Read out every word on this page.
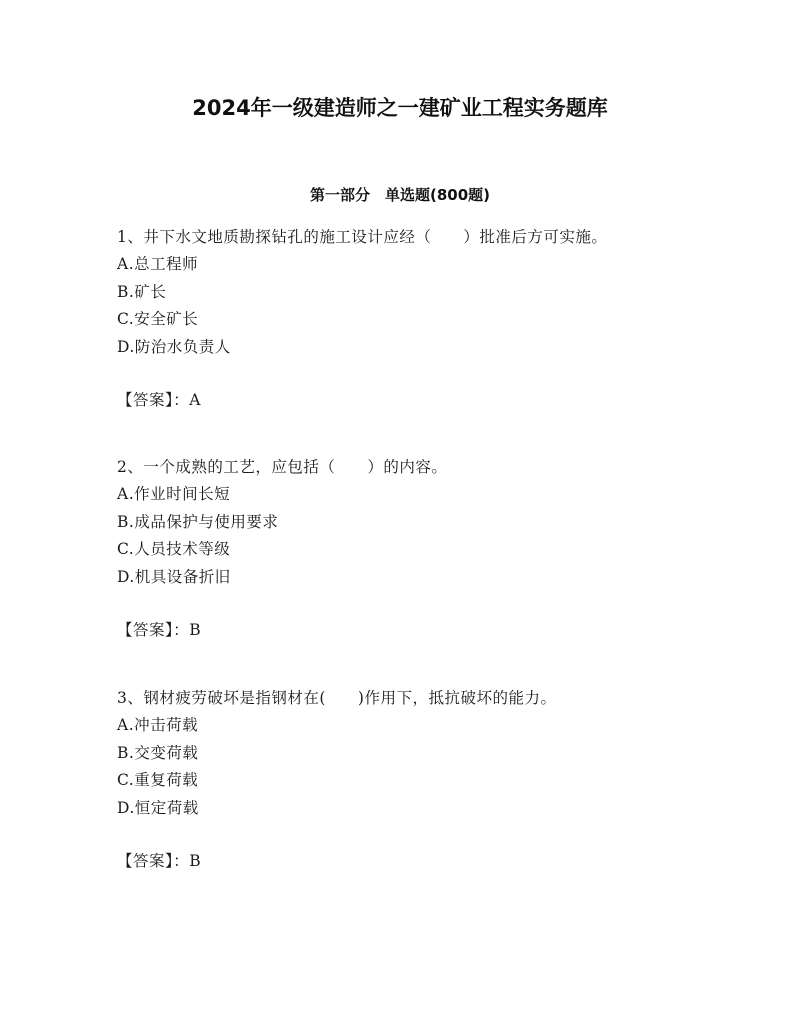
2024年一级建造师之一建矿业工程实务题库
第一部分　单选题(800题)
1、井下水文地质勘探钻孔的施工设计应经（　　）批准后方可实施。
A.总工程师
B.矿长
C.安全矿长
D.防治水负责人
【答案】：A
2、一个成熟的工艺，应包括（　　）的内容。
A.作业时间长短
B.成品保护与使用要求
C.人员技术等级
D.机具设备折旧
【答案】：B
3、钢材疲劳破坏是指钢材在(　　)作用下，抵抗破坏的能力。
A.冲击荷载
B.交变荷载
C.重复荷载
D.恒定荷载
【答案】：B
